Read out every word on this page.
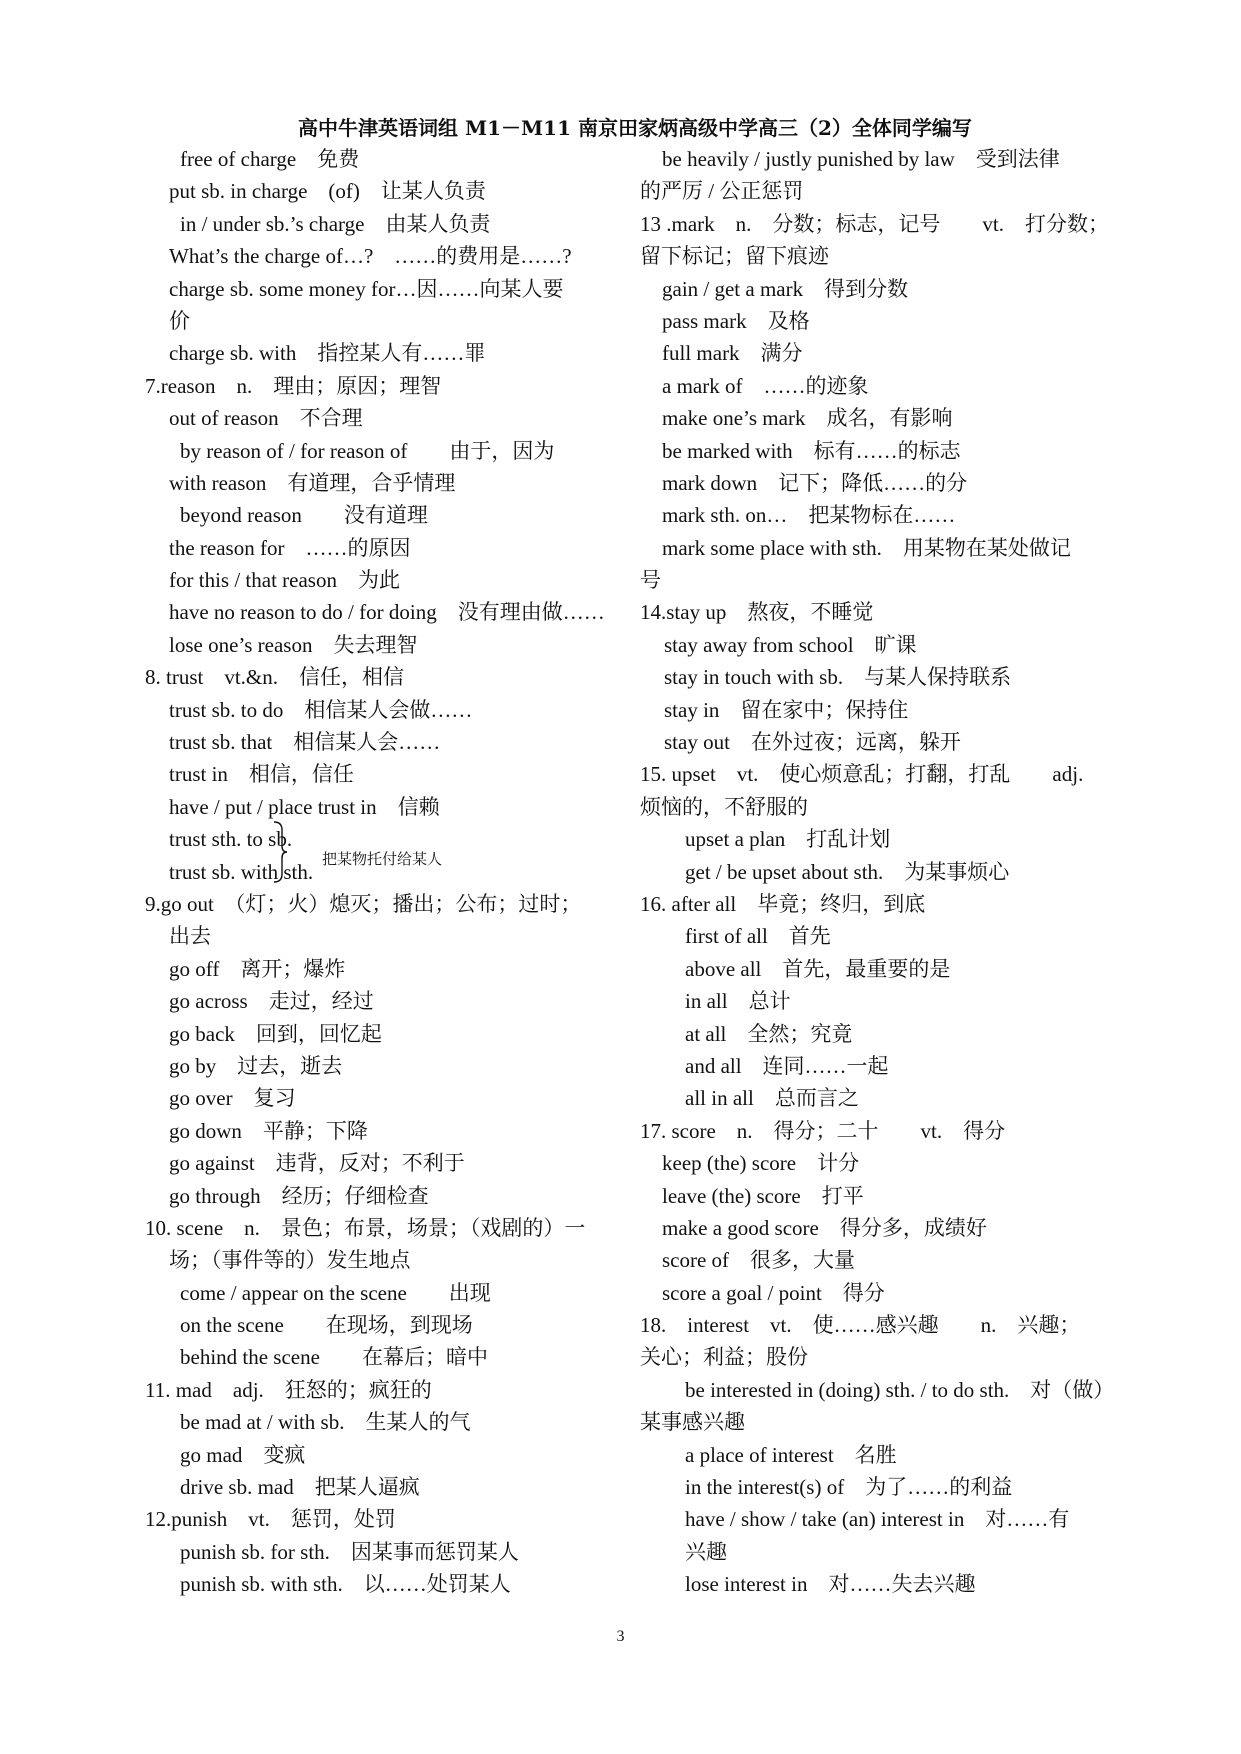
高中牛津英语词组 M1－M11 南京田家炳高级中学高三（2）全体同学编写
free of charge　免费
put sb. in charge　(of)　让某人负责
in / under sb.’s charge　由某人负责
What’s the charge of…?　……的费用是……?
charge sb. some money for…因……向某人要
价
charge sb. with　指控某人有……罪
7.reason　n.　理由；原因；理智
out of reason　不合理
by reason of / for reason of　　由于，因为
with reason　有道理，合乎情理
beyond reason　　没有道理
the reason for　……的原因
for this / that reason　为此
have no reason to do / for doing　没有理由做……
lose one’s reason　失去理智
8. trust　vt.&n.　信任，相信
trust sb. to do　相信某人会做……
trust sb. that　相信某人会……
trust in　相信，信任
have / put / place trust in　信赖
trust sth. to sb.
trust sb. with sth.
9.go out　（灯；火）熄灭；播出；公布；过时；
出去
go off　离开；爆炸
go across　走过，经过
go back　回到，回忆起
go by　过去，逝去
go over　复习
go down　平静；下降
go against　违背，反对；不利于
go through　经历；仔细检查
10. scene　n.　景色；布景，场景；（戏剧的）一
场；（事件等的）发生地点
come / appear on the scene　　出现
on the scene　　在现场，到现场
behind the scene　　在幕后；暗中
11. mad　adj.　狂怒的；疯狂的
be mad at / with sb.　生某人的气
go mad　变疯
drive sb. mad　把某人逼疯
12.punish　vt.　惩罚，处罚
punish sb. for sth.　因某事而惩罚某人
punish sb. with sth.　以……处罚某人
be heavily / justly punished by law　受到法律
的严厉 / 公正惩罚
13 .mark　n.　分数；标志，记号　　vt.　打分数；
留下标记；留下痕迹
gain / get a mark　得到分数
pass mark　及格
full mark　满分
a mark of　……的迹象
make one’s mark　成名，有影响
be marked with　标有……的标志
mark down　记下；降低……的分
mark sth. on…　把某物标在……
mark some place with sth.　用某物在某处做记
号
14.stay up　熬夜，不睡觉
stay away from school　旷课
stay in touch with sb.　与某人保持联系
stay in　留在家中；保持住
stay out　在外过夜；远离，躲开
15. upset　vt.　使心烦意乱；打翻，打乱　　adj.
烦恼的，不舒服的
upset a plan　打乱计划
get / be upset about sth.　为某事烦心
16. after all　毕竟；终归，到底
first of all　首先
above all　首先，最重要的是
in all　总计
at all　全然；究竟
and all　连同……一起
all in all　总而言之
17. score　n.　得分；二十　　vt.　得分
keep (the) score　计分
leave (the) score　打平
make a good score　得分多，成绩好
score of　很多，大量
score a goal / point　得分
18.　interest　vt.　使……感兴趣　　n.　兴趣；
关心；利益；股份
be interested in (doing) sth. / to do sth.　对（做）
某事感兴趣
a place of interest　名胜
in the interest(s) of　为了……的利益
have / show / take (an) interest in　对……有
兴趣
lose interest in　对……失去兴趣
把某物托付给某人
3
